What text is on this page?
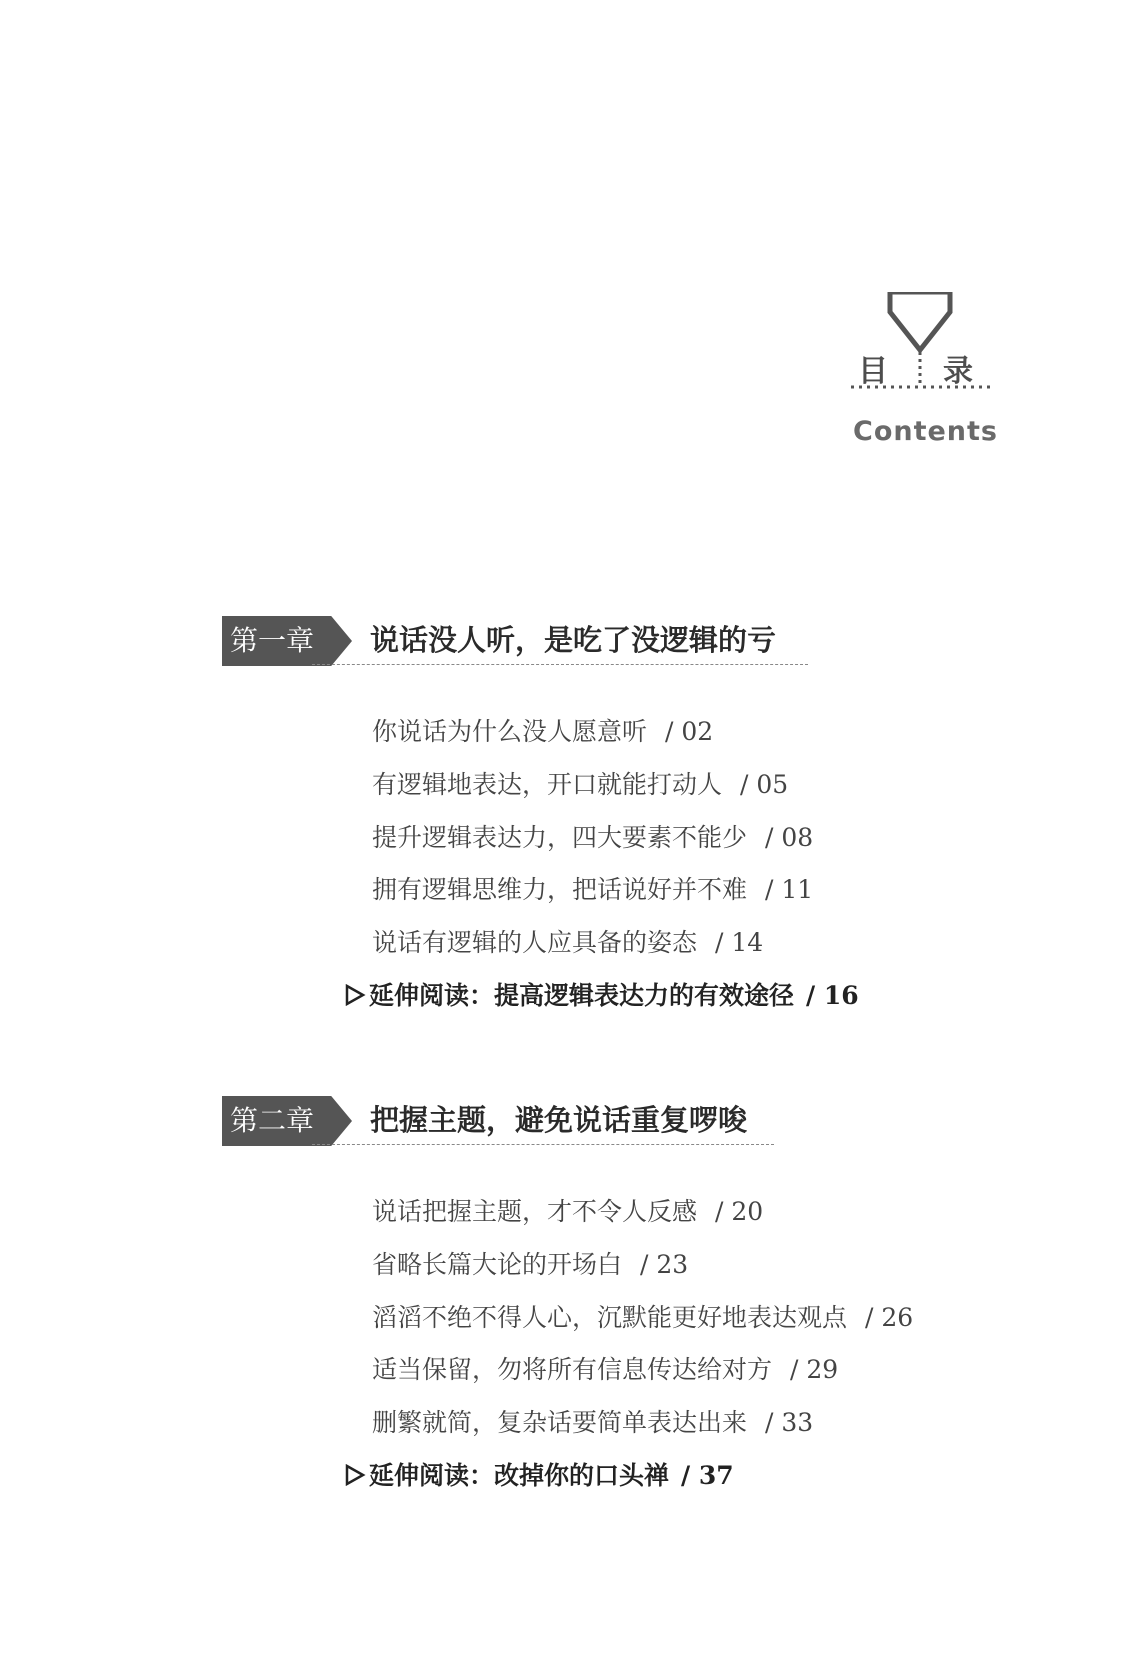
目 录
Contents
第一章 说话没人听，是吃了没逻辑的亏
你说话为什么没人愿意听 / 02
有逻辑地表达，开口就能打动人 / 05
提升逻辑表达力，四大要素不能少 / 08
拥有逻辑思维力，把话说好并不难 / 11
说话有逻辑的人应具备的姿态 / 14
延伸阅读：提高逻辑表达力的有效途径 / 16
第二章 把握主题，避免说话重复啰唆
说话把握主题，才不令人反感 / 20
省略长篇大论的开场白 / 23
滔滔不绝不得人心，沉默能更好地表达观点 / 26
适当保留，勿将所有信息传达给对方 / 29
删繁就简，复杂话要简单表达出来 / 33
延伸阅读：改掉你的口头禅 / 37
